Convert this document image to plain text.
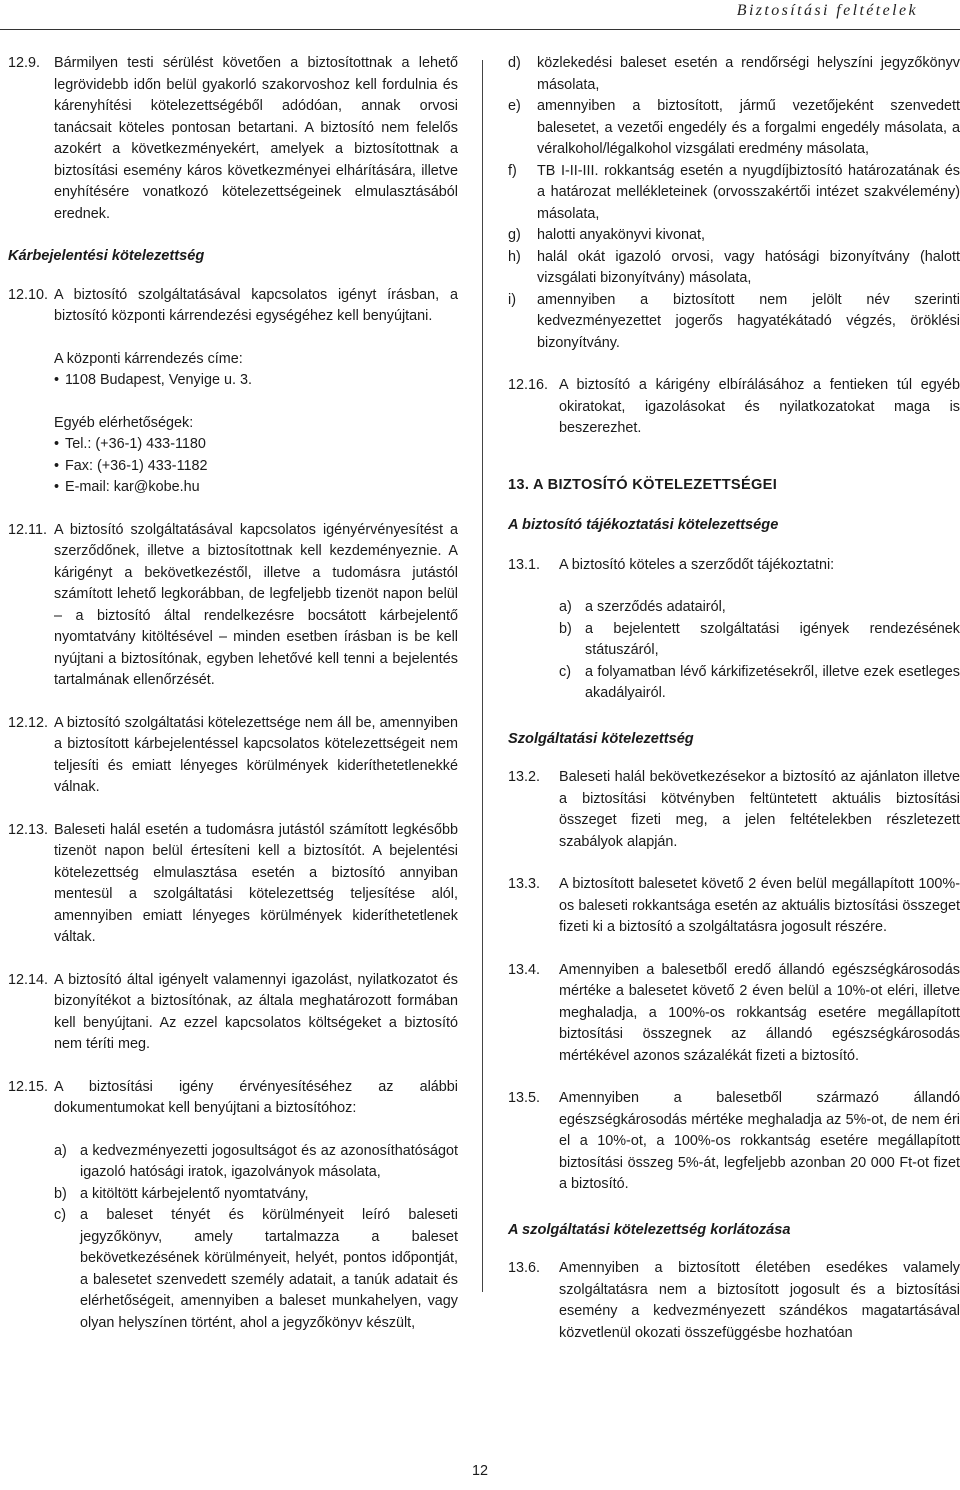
Biztosítási feltételek
12.9. Bármilyen testi sérülést követően a biztosítottnak a lehető legrövidebb időn belül gyakorló szakorvoshoz kell fordulnia és kárenyhítési kötelezettségéből adódóan, annak orvosi tanácsait köteles pontosan betartani. A biztosító nem felelős azokért a következményekért, amelyek a biztosítottnak a biztosítási esemény káros következményei elhárítására, illetve enyhítésére vonatkozó kötelezettségeinek elmulasztásából erednek.
Kárbejelentési kötelezettség
12.10. A biztosító szolgáltatásával kapcsolatos igényt írásban, a biztosító központi kárrendezési egységéhez kell benyújtani.
A központi kárrendezés címe:
• 1108 Budapest, Venyige u. 3.
Egyéb elérhetőségek:
• Tel.: (+36-1) 433-1180
• Fax: (+36-1) 433-1182
• E-mail: kar@kobe.hu
12.11. A biztosító szolgáltatásával kapcsolatos igényérvényesítést a szerződőnek, illetve a biztosítottnak kell kezdeményeznie. A kárigényt a bekövetkezéstől, illetve a tudomásra jutástól számított lehető legkorábban, de legfeljebb tizenöt napon belül – a biztosító által rendelkezésre bocsátott kárbejelentő nyomtatvány kitöltésével – minden esetben írásban is be kell nyújtani a biztosítónak, egyben lehetővé kell tenni a bejelentés tartalmának ellenőrzését.
12.12. A biztosító szolgáltatási kötelezettsége nem áll be, amennyiben a biztosított kárbejelentéssel kapcsolatos kötelezettségeit nem teljesíti és emiatt lényeges körülmények kideríthetetlenekké válnak.
12.13. Baleseti halál esetén a tudomásra jutástól számított legkésőbb tizenöt napon belül értesíteni kell a biztosítót. A bejelentési kötelezettség elmulasztása esetén a biztosító annyiban mentesül a szolgáltatási kötelezettség teljesítése alól, amennyiben emiatt lényeges körülmények kideríthetetlenek váltak.
12.14. A biztosító által igényelt valamennyi igazolást, nyilatkozatot és bizonyítékot a biztosítónak, az általa meghatározott formában kell benyújtani. Az ezzel kapcsolatos költségeket a biztosító nem téríti meg.
12.15. A biztosítási igény érvényesítéséhez az alábbi dokumentumokat kell benyújtani a biztosítóhoz:
a) a kedvezményezetti jogosultságot és az azonosíthatóságot igazoló hatósági iratok, igazolványok másolata,
b) a kitöltött kárbejelentő nyomtatvány,
c) a baleset tényét és körülményeit leíró baleseti jegyzőkönyv, amely tartalmazza a baleset bekövetkezésének körülményeit, helyét, pontos időpontját, a balesetet szenvedett személy adatait, a tanúk adatait és elérhetőségeit, amennyiben a baleset munkahelyen, vagy olyan helyszínen történt, ahol a jegyzőkönyv készült,
d)	közlekedési baleset esetén a rendőrségi helyszíni jegyzőkönyv másolata,
e)	amennyiben a biztosított, jármű vezetőjeként szenvedett balesetet, a vezetői engedély és a forgalmi engedély másolata, a véralkohol/légalkohol vizsgálati eredmény másolata,
f)	TB I-II-III. rokkantság esetén a nyugdíjbiztosító határozatának és a határozat mellékleteinek (orvosszakértői intézet szakvélemény) másolata,
g)	halotti anyakönyvi kivonat,
h)	halál okát igazoló orvosi, vagy hatósági bizonyítvány (halott vizsgálati bizonyítvány) másolata,
i)	amennyiben a biztosított nem jelölt név szerinti kedvezményezettet jogerős hagyatékátadó végzés, öröklési bizonyítvány.
12.16. A biztosító a kárigény elbírálásához a fentieken túl egyéb okiratokat, igazolásokat és nyilatkozatokat maga is beszerezhet.
13. A BIZTOSÍTÓ KÖTELEZETTSÉGEI
A biztosító tájékoztatási kötelezettsége
13.1.	A biztosító köteles a szerződőt tájékoztatni:
a) a szerződés adatairól,
b) a bejelentett szolgáltatási igények rendezésének státuszáról,
c) a folyamatban lévő kárkifizetésekről, illetve ezek esetleges akadályairól.
Szolgáltatási kötelezettség
13.2.	Baleseti halál bekövetkezésekor a biztosító az ajánlaton illetve a biztosítási kötvényben feltüntetett aktuális biztosítási összeget fizeti meg, a jelen feltételekben részletezett szabályok alapján.
13.3.	A biztosított balesetet követő 2 éven belül megállapított 100%-os baleseti rokkantsága esetén az aktuális biztosítási összeget fizeti ki a biztosító a szolgáltatásra jogosult részére.
13.4.	Amennyiben a balesetből eredő állandó egészségkárosodás mértéke a balesetet követő 2 éven belül a 10%-ot eléri, illetve meghaladja, a 100%-os rokkantság esetére megállapított biztosítási összegnek az állandó egészségkárosodás mértékével azonos százalékát fizeti a biztosító.
13.5.	Amennyiben a balesetből származó állandó egészségkárosodás mértéke meghaladja az 5%-ot, de nem éri el a 10%-ot, a 100%-os rokkantság esetére megállapított biztosítási összeg 5%-át, legfeljebb azonban 20 000 Ft-ot fizet a biztosító.
A szolgáltatási kötelezettség korlátozása
13.6.	Amennyiben a biztosított életében esedékes valamely szolgáltatásra nem a biztosított jogosult és a biztosítási esemény a kedvezményezett szándékos magatartásával közvetlenül okozati összefüggésbe hozhatóan
12
